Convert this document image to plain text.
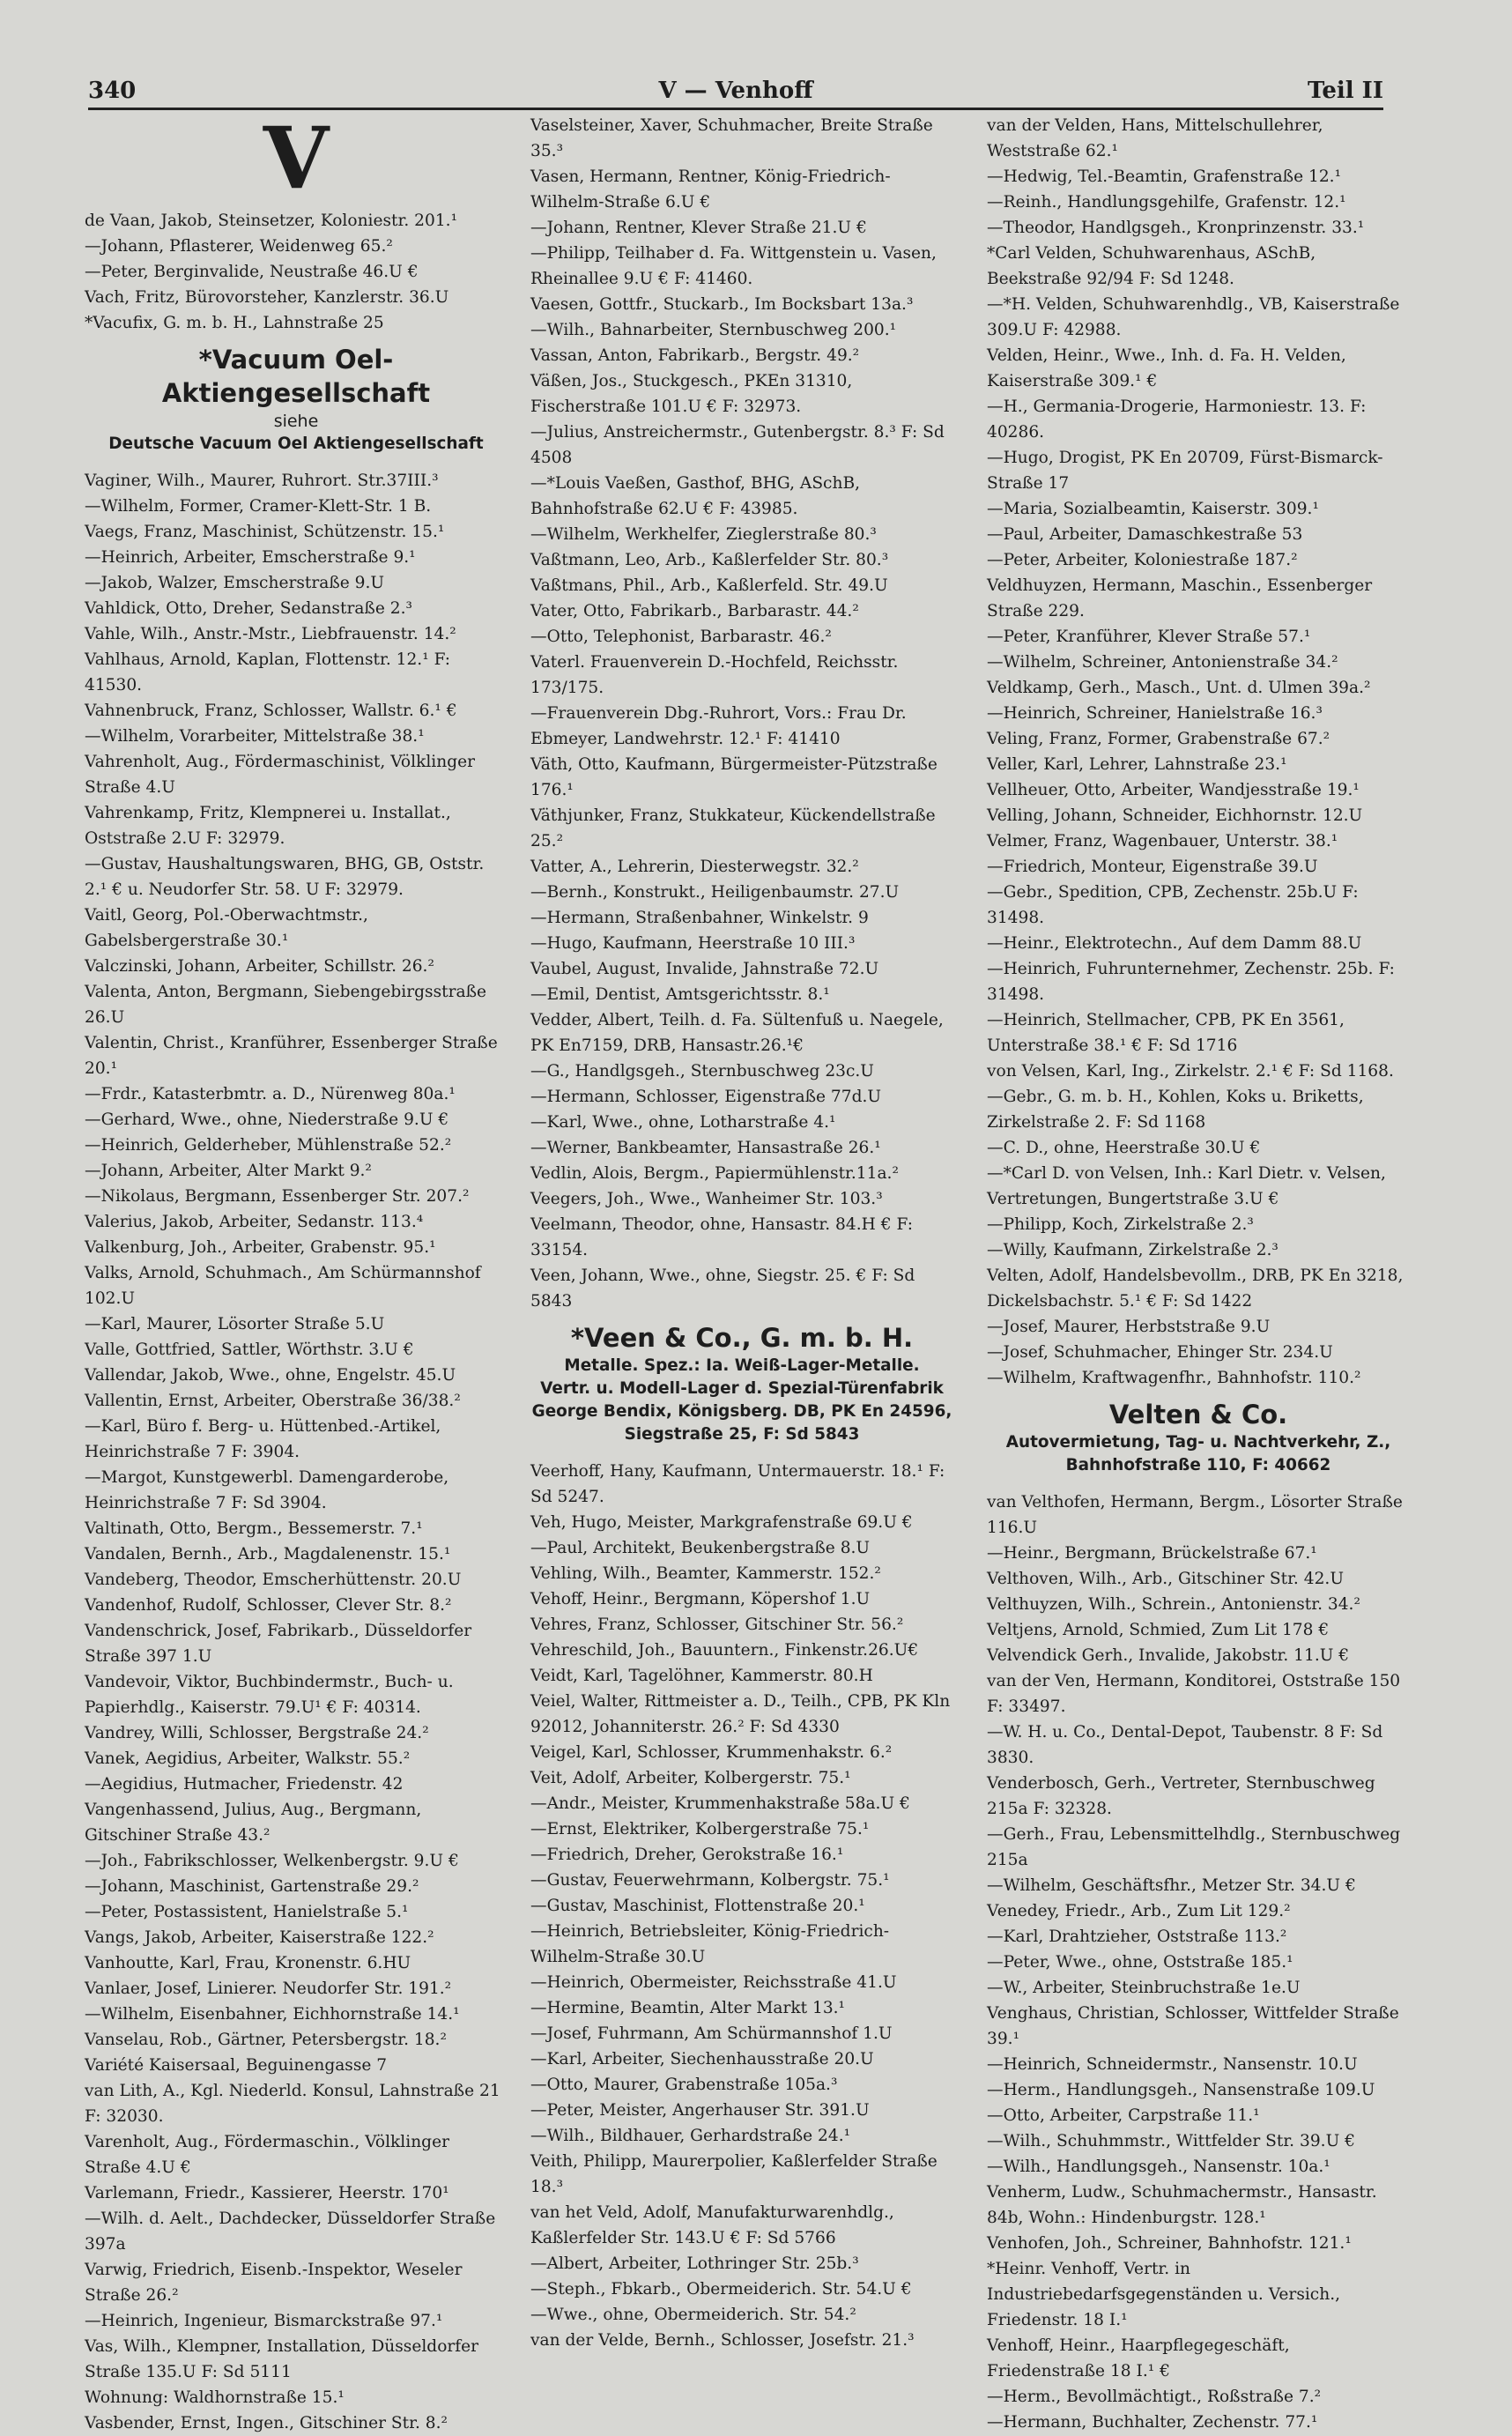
340	V — Venhoff	Teil II

V

de Vaan, Jakob, Steinsetzer, Koloniestr. 201.¹

—Johann, Pflasterer, Weidenweg 65.²

—Peter, Berginvalide, Neustraße 46.U €

Vach, Fritz, Bürovorsteher, Kanzlerstr. 36.U

*Vacufix, G. m. b. H., Lahnstraße 25

*Vacuum Oel-Aktiengesellschaft

siehe

Deutsche Vacuum Oel Aktiengesellschaft

Vaginer, Wilh., Maurer, Ruhrort. Str.37III.³

—Wilhelm, Former, Cramer-Klett-Str. 1 B.

Vaegs, Franz, Maschinist, Schützenstr. 15.¹

—Heinrich, Arbeiter, Emscherstraße 9.¹

—Jakob, Walzer, Emscherstraße 9.U

Vahldick, Otto, Dreher, Sedanstraße 2.³

Vahle, Wilh., Anstr.-Mstr., Liebfrauenstr. 14.²

Vahlhaus, Arnold, Kaplan, Flottenstr. 12.¹ F: 41530.

Vahnenbruck, Franz, Schlosser, Wallstr. 6.¹ €

—Wilhelm, Vorarbeiter, Mittelstraße 38.¹

Vahrenholt, Aug., Fördermaschinist, Völklinger Straße 4.U

Vahrenkamp, Fritz, Klempnerei u. Installat., Oststraße 2.U F: 32979.

—Gustav, Haushaltungswaren, BHG, GB, Oststr. 2.¹ € u. Neudorfer Str. 58. U F: 32979.

Vaitl, Georg, Pol.-Oberwachtmstr., Gabelsbergerstraße 30.¹

Valczinski, Johann, Arbeiter, Schillstr. 26.²

Valenta, Anton, Bergmann, Siebengebirgsstraße 26.U

Valentin, Christ., Kranführer, Essenberger Straße 20.¹

—Frdr., Katasterbmtr. a. D., Nürenweg 80a.¹

—Gerhard, Wwe., ohne, Niederstraße 9.U €

—Heinrich, Gelderheber, Mühlenstraße 52.²

—Johann, Arbeiter, Alter Markt 9.²

—Nikolaus, Bergmann, Essenberger Str. 207.²

Valerius, Jakob, Arbeiter, Sedanstr. 113.⁴

Valkenburg, Joh., Arbeiter, Grabenstr. 95.¹

Valks, Arnold, Schuhmach., Am Schürmannshof 102.U

—Karl, Maurer, Lösorter Straße 5.U

Valle, Gottfried, Sattler, Wörthstr. 3.U €

Vallendar, Jakob, Wwe., ohne, Engelstr. 45.U

Vallentin, Ernst, Arbeiter, Oberstraße 36/38.²

—Karl, Büro f. Berg- u. Hüttenbed.-Artikel, Heinrichstraße 7 F: 3904.

—Margot, Kunstgewerbl. Damengarderobe, Heinrichstraße 7 F: Sd 3904.

Valtinath, Otto, Bergm., Bessemerstr. 7.¹

Vandalen, Bernh., Arb., Magdalenenstr. 15.¹

Vandeberg, Theodor, Emscherhüttenstr. 20.U

Vandenhof, Rudolf, Schlosser, Clever Str. 8.²

Vandenschrick, Josef, Fabrikarb., Düsseldorfer Straße 397 1.U

Vandevoir, Viktor, Buchbindermstr., Buch- u. Papierhdlg., Kaiserstr. 79.U¹ € F: 40314.

Vandrey, Willi, Schlosser, Bergstraße 24.²

Vanek, Aegidius, Arbeiter, Walkstr. 55.²

—Aegidius, Hutmacher, Friedenstr. 42

Vangenhassend, Julius, Aug., Bergmann, Gitschiner Straße 43.²

—Joh., Fabrikschlosser, Welkenbergstr. 9.U €

—Johann, Maschinist, Gartenstraße 29.²

—Peter, Postassistent, Hanielstraße 5.¹

Vangs, Jakob, Arbeiter, Kaiserstraße 122.²

Vanhoutte, Karl, Frau, Kronenstr. 6.HU

Vanlaer, Josef, Linierer. Neudorfer Str. 191.²

—Wilhelm, Eisenbahner, Eichhornstraße 14.¹

Vanselau, Rob., Gärtner, Petersbergstr. 18.²

Variété Kaisersaal, Beguinengasse 7

van Lith, A., Kgl. Niederld. Konsul, Lahnstraße 21 F: 32030.

Varenholt, Aug., Fördermaschin., Völklinger Straße 4.U €

Varlemann, Friedr., Kassierer, Heerstr. 170¹

—Wilh. d. Aelt., Dachdecker, Düsseldorfer Straße 397a

Varwig, Friedrich, Eisenb.-Inspektor, Weseler Straße 26.²

—Heinrich, Ingenieur, Bismarckstraße 97.¹

Vas, Wilh., Klempner, Installation, Düsseldorfer Straße 135.U F: Sd 5111

Wohnung: Waldhornstraße 15.¹

Vasbender, Ernst, Ingen., Gitschiner Str. 8.²

Vaselsteiner, Xaver, Schuhmacher, Breite Straße 35.³

Vasen, Hermann, Rentner, König-Friedrich-Wilhelm-Straße 6.U €

—Johann, Rentner, Klever Straße 21.U €

—Philipp, Teilhaber d. Fa. Wittgenstein u. Vasen, Rheinallee 9.U € F: 41460.

Vaesen, Gottfr., Stuckarb., Im Bocksbart 13a.³

—Wilh., Bahnarbeiter, Sternbuschweg 200.¹

Vassan, Anton, Fabrikarb., Bergstr. 49.²

Väßen, Jos., Stuckgesch., PKEn 31310, Fischerstraße 101.U € F: 32973.

—Julius, Anstreichermstr., Gutenbergstr. 8.³ F: Sd 4508

—*Louis Vaeßen, Gasthof, BHG, ASchB, Bahnhofstraße 62.U € F: 43985.

—Wilhelm, Werkhelfer, Zieglerstraße 80.³

Vaßtmann, Leo, Arb., Kaßlerfelder Str. 80.³

Vaßtmans, Phil., Arb., Kaßlerfeld. Str. 49.U

Vater, Otto, Fabrikarb., Barbarastr. 44.²

—Otto, Telephonist, Barbarastr. 46.²

Vaterl. Frauenverein D.-Hochfeld, Reichsstr. 173/175.

—Frauenverein Dbg.-Ruhrort, Vors.: Frau Dr. Ebmeyer, Landwehrstr. 12.¹ F: 41410

Väth, Otto, Kaufmann, Bürgermeister-Pützstraße 176.¹

Väthjunker, Franz, Stukkateur, Kückendellstraße 25.²

Vatter, A., Lehrerin, Diesterwegstr. 32.²

—Bernh., Konstrukt., Heiligenbaumstr. 27.U

—Hermann, Straßenbahner, Winkelstr. 9

—Hugo, Kaufmann, Heerstraße 10 III.³

Vaubel, August, Invalide, Jahnstraße 72.U

—Emil, Dentist, Amtsgerichtsstr. 8.¹

Vedder, Albert, Teilh. d. Fa. Sültenfuß u. Naegele, PK En7159, DRB, Hansastr.26.¹€

—G., Handlgsgeh., Sternbuschweg 23c.U

—Hermann, Schlosser, Eigenstraße 77d.U

—Karl, Wwe., ohne, Lotharstraße 4.¹

—Werner, Bankbeamter, Hansastraße 26.¹

Vedlin, Alois, Bergm., Papiermühlenstr.11a.²

Veegers, Joh., Wwe., Wanheimer Str. 103.³

Veelmann, Theodor, ohne, Hansastr. 84.H € F: 33154.

Veen, Johann, Wwe., ohne, Siegstr. 25. € F: Sd 5843

*Veen & Co., G. m. b. H.

Metalle. Spez.: Ia. Weiß-Lager-Metalle.

Vertr. u. Modell-Lager d. Spezial-Türenfabrik George Bendix, Königsberg. DB, PK En 24596, Siegstraße 25, F: Sd 5843

Veerhoff, Hany, Kaufmann, Untermauerstr. 18.¹ F: Sd 5247.

Veh, Hugo, Meister, Markgrafenstraße 69.U €

—Paul, Architekt, Beukenbergstraße 8.U

Vehling, Wilh., Beamter, Kammerstr. 152.²

Vehoff, Heinr., Bergmann, Köpershof 1.U

Vehres, Franz, Schlosser, Gitschiner Str. 56.²

Vehreschild, Joh., Bauuntern., Finkenstr.26.U€

Veidt, Karl, Tagelöhner, Kammerstr. 80.H

Veiel, Walter, Rittmeister a. D., Teilh., CPB, PK Kln 92012, Johanniterstr. 26.² F: Sd 4330

Veigel, Karl, Schlosser, Krummenhakstr. 6.²

Veit, Adolf, Arbeiter, Kolbergerstr. 75.¹

—Andr., Meister, Krummenhakstraße 58a.U €

—Ernst, Elektriker, Kolbergerstraße 75.¹

—Friedrich, Dreher, Gerokstraße 16.¹

—Gustav, Feuerwehrmann, Kolbergstr. 75.¹

—Gustav, Maschinist, Flottenstraße 20.¹

—Heinrich, Betriebsleiter, König-Friedrich-Wilhelm-Straße 30.U

—Heinrich, Obermeister, Reichsstraße 41.U

—Hermine, Beamtin, Alter Markt 13.¹

—Josef, Fuhrmann, Am Schürmannshof 1.U

—Karl, Arbeiter, Siechenhausstraße 20.U

—Otto, Maurer, Grabenstraße 105a.³

—Peter, Meister, Angerhauser Str. 391.U

—Wilh., Bildhauer, Gerhardstraße 24.¹

Veith, Philipp, Maurerpolier, Kaßlerfelder Straße 18.³

van het Veld, Adolf, Manufakturwarenhdlg., Kaßlerfelder Str. 143.U € F: Sd 5766

—Albert, Arbeiter, Lothringer Str. 25b.³

—Steph., Fbkarb., Obermeiderich. Str. 54.U €

—Wwe., ohne, Obermeiderich. Str. 54.²

van der Velde, Bernh., Schlosser, Josefstr. 21.³

van der Velden, Hans, Mittelschullehrer, Weststraße 62.¹

—Hedwig, Tel.-Beamtin, Grafenstraße 12.¹

—Reinh., Handlungsgehilfe, Grafenstr. 12.¹

—Theodor, Handlgsgeh., Kronprinzenstr. 33.¹

*Carl Velden, Schuhwarenhaus, ASchB, Beekstraße 92/94 F: Sd 1248.

—*H. Velden, Schuhwarenhdlg., VB, Kaiserstraße 309.U F: 42988.

Velden, Heinr., Wwe., Inh. d. Fa. H. Velden, Kaiserstraße 309.¹ €

—H., Germania-Drogerie, Harmoniestr. 13. F: 40286.

—Hugo, Drogist, PK En 20709, Fürst-Bismarck-Straße 17

—Maria, Sozialbeamtin, Kaiserstr. 309.¹

—Paul, Arbeiter, Damaschkestraße 53

—Peter, Arbeiter, Koloniestraße 187.²

Veldhuyzen, Hermann, Maschin., Essenberger Straße 229.

—Peter, Kranführer, Klever Straße 57.¹

—Wilhelm, Schreiner, Antonienstraße 34.²

Veldkamp, Gerh., Masch., Unt. d. Ulmen 39a.²

—Heinrich, Schreiner, Hanielstraße 16.³

Veling, Franz, Former, Grabenstraße 67.²

Veller, Karl, Lehrer, Lahnstraße 23.¹

Vellheuer, Otto, Arbeiter, Wandjesstraße 19.¹

Velling, Johann, Schneider, Eichhornstr. 12.U

Velmer, Franz, Wagenbauer, Unterstr. 38.¹

—Friedrich, Monteur, Eigenstraße 39.U

—Gebr., Spedition, CPB, Zechenstr. 25b.U F: 31498.

—Heinr., Elektrotechn., Auf dem Damm 88.U

—Heinrich, Fuhrunternehmer, Zechenstr. 25b. F: 31498.

—Heinrich, Stellmacher, CPB, PK En 3561, Unterstraße 38.¹ € F: Sd 1716

von Velsen, Karl, Ing., Zirkelstr. 2.¹ € F: Sd 1168.

—Gebr., G. m. b. H., Kohlen, Koks u. Briketts, Zirkelstraße 2. F: Sd 1168

—C. D., ohne, Heerstraße 30.U €

—*Carl D. von Velsen, Inh.: Karl Dietr. v. Velsen, Vertretungen, Bungertstraße 3.U €

—Philipp, Koch, Zirkelstraße 2.³

—Willy, Kaufmann, Zirkelstraße 2.³

Velten, Adolf, Handelsbevollm., DRB, PK En 3218, Dickelsbachstr. 5.¹ € F: Sd 1422

—Josef, Maurer, Herbststraße 9.U

—Josef, Schuhmacher, Ehinger Str. 234.U

—Wilhelm, Kraftwagenfhr., Bahnhofstr. 110.²

Velten & Co.

Autovermietung, Tag- u. Nachtverkehr, Z., Bahnhofstraße 110, F: 40662

van Velthofen, Hermann, Bergm., Lösorter Straße 116.U

—Heinr., Bergmann, Brückelstraße 67.¹

Velthoven, Wilh., Arb., Gitschiner Str. 42.U

Velthuyzen, Wilh., Schrein., Antonienstr. 34.²

Veltjens, Arnold, Schmied, Zum Lit 178 €

Velvendick Gerh., Invalide, Jakobstr. 11.U €

van der Ven, Hermann, Konditorei, Oststraße 150 F: 33497.

—W. H. u. Co., Dental-Depot, Taubenstr. 8 F: Sd 3830.

Venderbosch, Gerh., Vertreter, Sternbuschweg 215a F: 32328.

—Gerh., Frau, Lebensmittelhdlg., Sternbuschweg 215a

—Wilhelm, Geschäftsfhr., Metzer Str. 34.U €

Venedey, Friedr., Arb., Zum Lit 129.²

—Karl, Drahtzieher, Oststraße 113.²

—Peter, Wwe., ohne, Oststraße 185.¹

—W., Arbeiter, Steinbruchstraße 1e.U

Venghaus, Christian, Schlosser, Wittfelder Straße 39.¹

—Heinrich, Schneidermstr., Nansenstr. 10.U

—Herm., Handlungsgeh., Nansenstraße 109.U

—Otto, Arbeiter, Carpstraße 11.¹

—Wilh., Schuhmmstr., Wittfelder Str. 39.U €

—Wilh., Handlungsgeh., Nansenstr. 10a.¹

Venherm, Ludw., Schuhmachermstr., Hansastr. 84b, Wohn.: Hindenburgstr. 128.¹

Venhofen, Joh., Schreiner, Bahnhofstr. 121.¹

*Heinr. Venhoff, Vertr. in Industriebedarfsgegenständen u. Versich., Friedenstr. 18 I.¹

Venhoff, Heinr., Haarpflegegeschäft, Friedenstraße 18 I.¹ €

—Herm., Bevollmächtigt., Roßstraße 7.²

—Hermann, Buchhalter, Zechenstr. 77.¹
